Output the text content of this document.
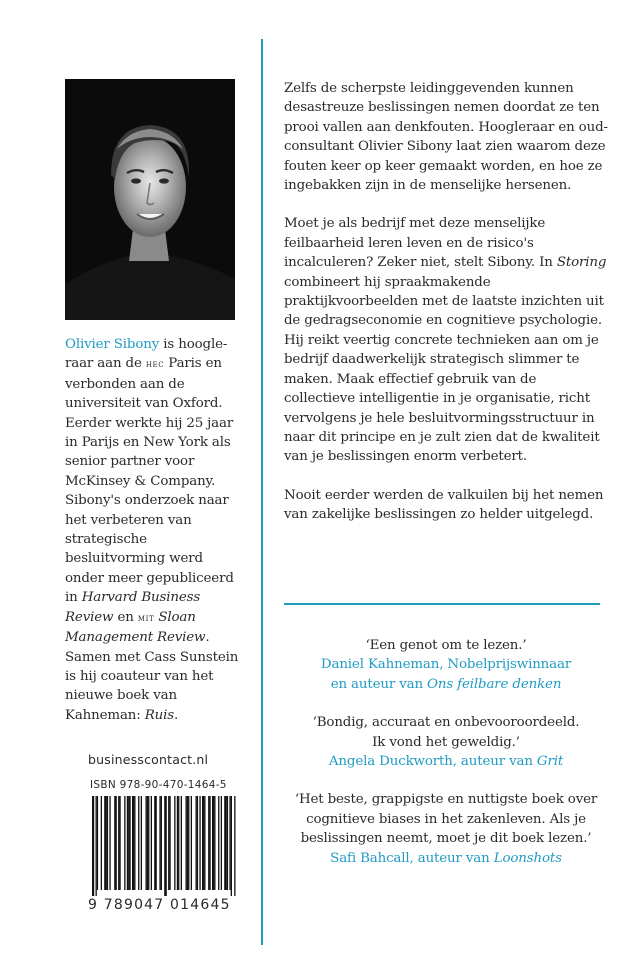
Olivier Sibony is hoogle-raar aan de hec Paris en verbonden aan de universiteit van Oxford. Eerder werkte hij 25 jaar in Parijs en New York als senior partner voor McKinsey & Company. Sibony's onderzoek naar het verbeteren van strategische besluitvorming werd onder meer gepubliceerd in Harvard Business Review en mit Sloan Management Review. Samen met Cass Sunstein is hij coauteur van het nieuwe boek van Kahneman: Ruis.
businesscontact.nl
ISBN 978-90-470-1464-5
9 789047 014645

Zelfs de scherpste leidinggevenden kunnen desastreuze beslissingen nemen doordat ze ten prooi vallen aan denkfouten. Hoogleraar en oud-consultant Olivier Sibony laat zien waarom deze fouten keer op keer gemaakt worden, en hoe ze ingebakken zijn in de menselijke hersenen.

Moet je als bedrijf met deze menselijke feilbaarheid leren leven en de risico's incalculeren? Zeker niet, stelt Sibony. In Storing combineert hij spraakmakende praktijkvoorbeelden met de laatste inzichten uit de gedragseconomie en cognitieve psychologie. Hij reikt veertig concrete technieken aan om je bedrijf daadwerkelijk strategisch slimmer te maken. Maak effectief gebruik van de collectieve intelligentie in je organisatie, richt vervolgens je hele besluitvormingsstructuur in naar dit principe en je zult zien dat de kwaliteit van je beslissingen enorm verbetert.

Nooit eerder werden de valkuilen bij het nemen van zakelijke beslissingen zo helder uitgelegd.

‘Een genot om te lezen.’
Daniel Kahneman, Nobelprijswinnaar
en auteur van Ons feilbare denken
‘Bondig, accuraat en onbevooroordeeld.
Ik vond het geweldig.’
Angela Duckworth, auteur van Grit
‘Het beste, grappigste en nuttigste boek over
cognitieve biases in het zakenleven. Als je
beslissingen neemt, moet je dit boek lezen.’
Safi Bahcall, auteur van Loonshots
